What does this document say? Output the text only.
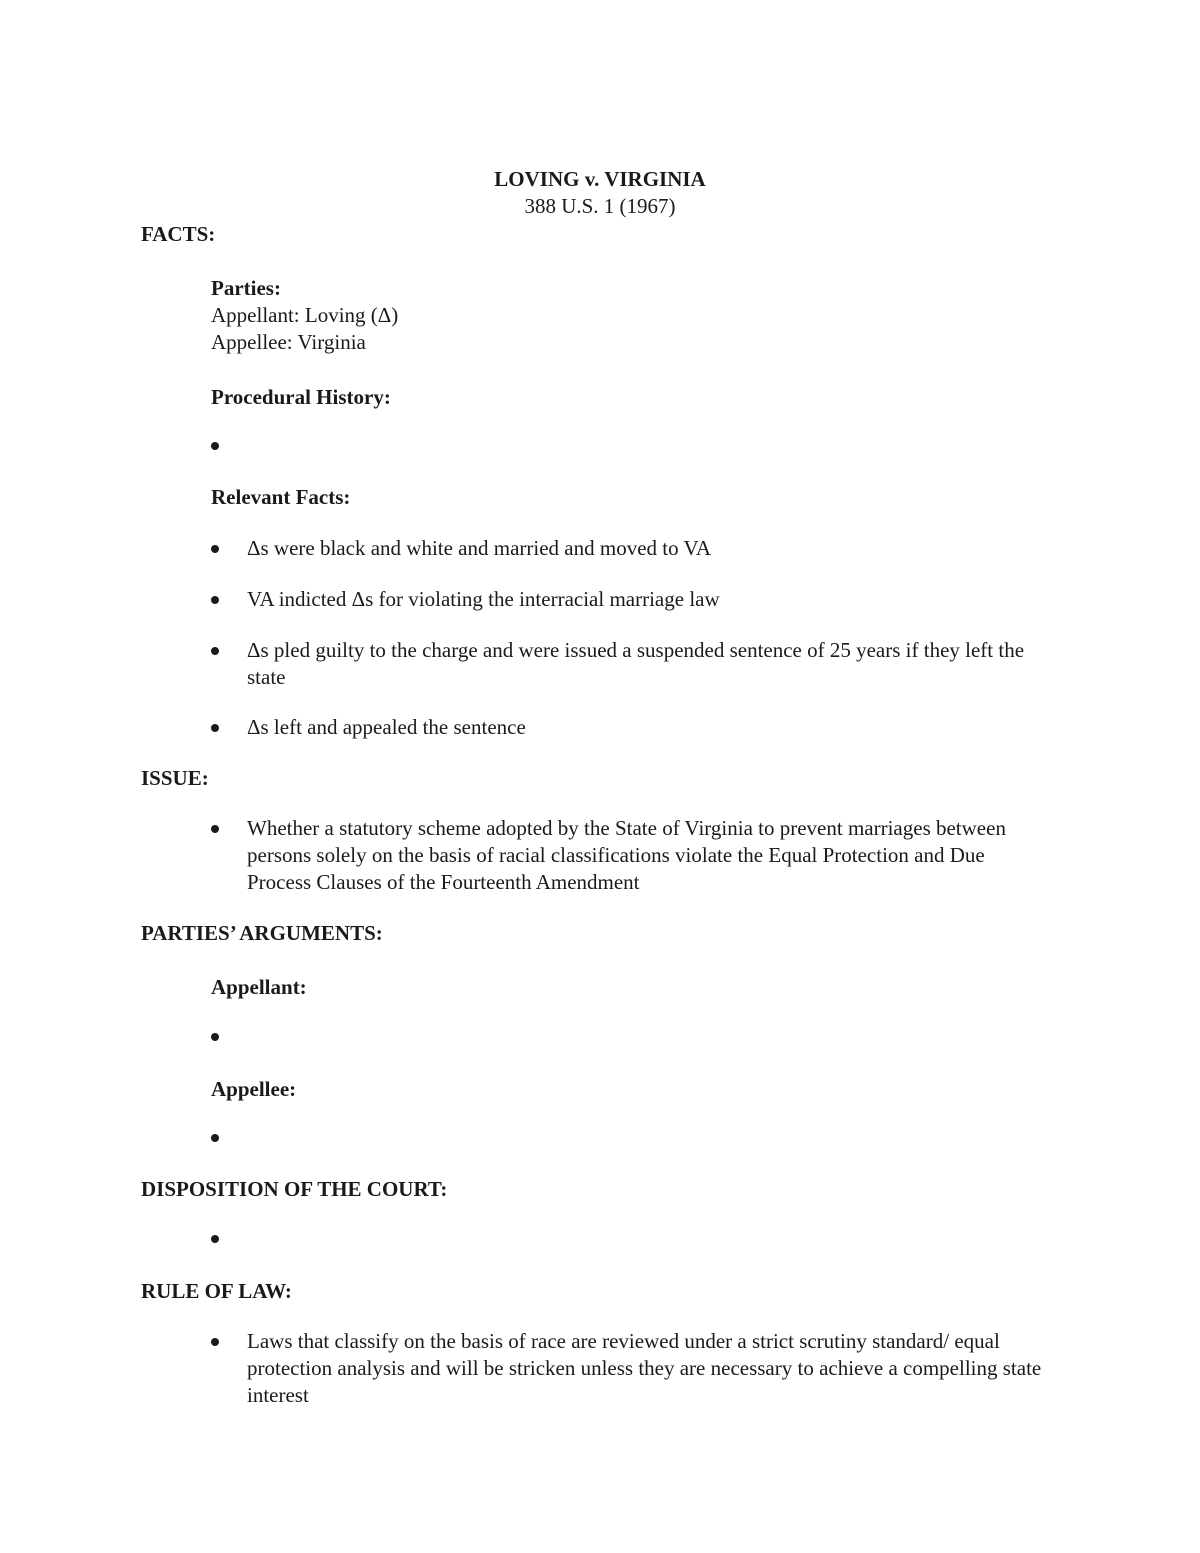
LOVING v. VIRGINIA
388 U.S. 1 (1967)
FACTS:
Parties:
Appellant: Loving (Δ)
Appellee: Virginia
Procedural History:
Relevant Facts:
Δs were black and white and married and moved to VA
VA indicted Δs for violating the interracial marriage law
Δs pled guilty to the charge and were issued a suspended sentence of 25 years if they left the state
Δs left and appealed the sentence
ISSUE:
Whether a statutory scheme adopted by the State of Virginia to prevent marriages between persons solely on the basis of racial classifications violate the Equal Protection and Due Process Clauses of the Fourteenth Amendment
PARTIES’ ARGUMENTS:
Appellant:
Appellee:
DISPOSITION OF THE COURT:
RULE OF LAW:
Laws that classify on the basis of race are reviewed under a strict scrutiny standard/ equal protection analysis and will be stricken unless they are necessary to achieve a compelling state interest
